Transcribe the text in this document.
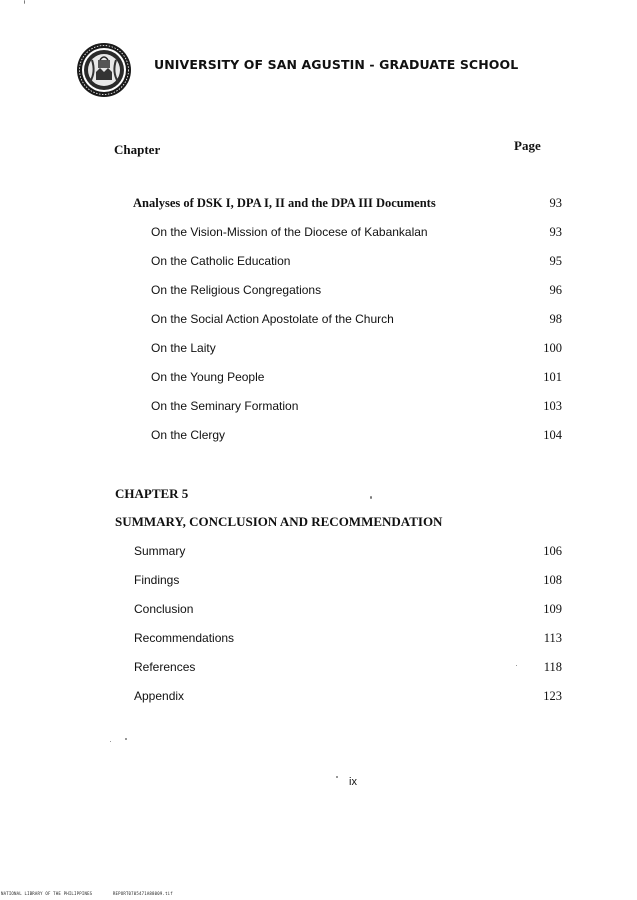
UNIVERSITY OF SAN AGUSTIN - GRADUATE SCHOOL
Chapter	Page
Analyses of DSK I, DPA I, II and the DPA III Documents	93
On the Vision-Mission of the Diocese of Kabankalan	93
On the Catholic Education	95
On the Religious Congregations	96
On the Social Action Apostolate of the Church	98
On the Laity	100
On the Young People	101
On the Seminary Formation	103
On the Clergy	104
CHAPTER 5
SUMMARY, CONCLUSION AND RECOMMENDATION
Summary	106
Findings	108
Conclusion	109
Recommendations	113
References	118
Appendix	123
ix
NATIONAL LIBRARY OF THE PHILIPPINES	REPORT0705471A88009.tif
